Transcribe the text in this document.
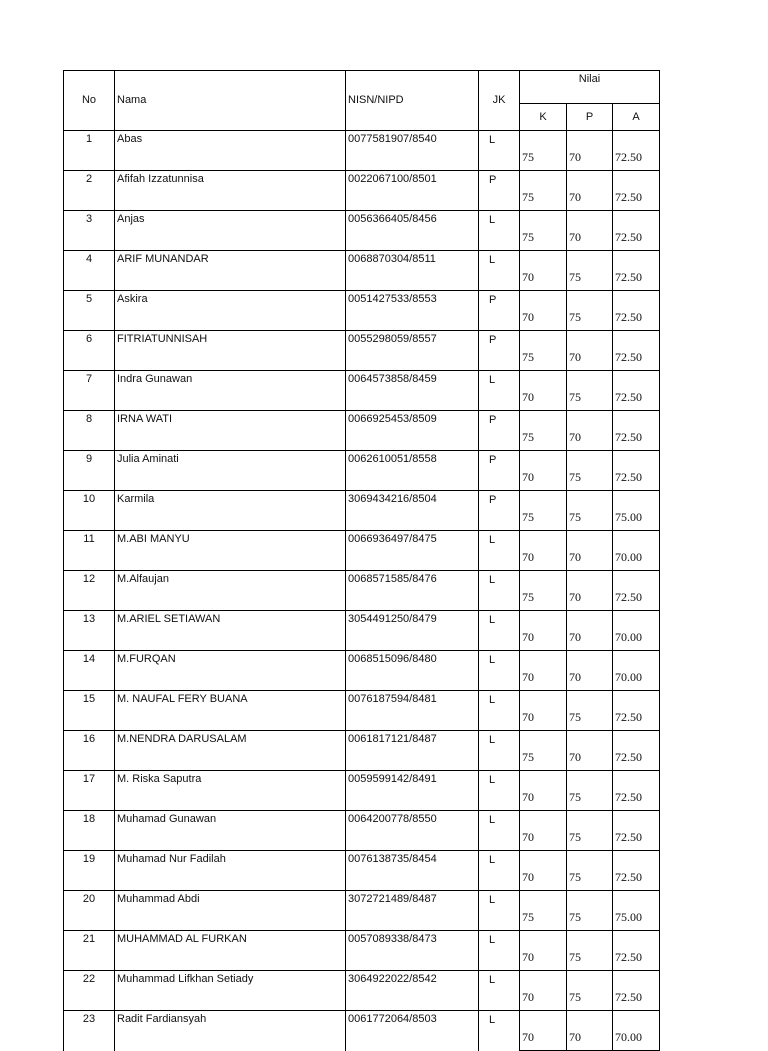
No	Nama	NISN/NIPD	JK	Nilai		
				K	P	A
1	Abas	0077581907/8540	L	75	70	72.50
2	Afifah Izzatunnisa	0022067100/8501	P	75	70	72.50
3	Anjas	0056366405/8456	L	75	70	72.50
4	ARIF MUNANDAR	0068870304/8511	L	70	75	72.50
5	Askira	0051427533/8553	P	70	75	72.50
6	FITRIATUNNISAH	0055298059/8557	P	75	70	72.50
7	Indra Gunawan	0064573858/8459	L	70	75	72.50
8	IRNA WATI	0066925453/8509	P	75	70	72.50
9	Julia Aminati	0062610051/8558	P	70	75	72.50
10	Karmila	3069434216/8504	P	75	75	75.00
11	M.ABI MANYU	0066936497/8475	L	70	70	70.00
12	M.Alfaujan	0068571585/8476	L	75	70	72.50
13	M.ARIEL SETIAWAN	3054491250/8479	L	70	70	70.00
14	M.FURQAN	0068515096/8480	L	70	70	70.00
15	M. NAUFAL FERY BUANA	0076187594/8481	L	70	75	72.50
16	M.NENDRA DARUSALAM	0061817121/8487	L	75	70	72.50
17	M. Riska Saputra	0059599142/8491	L	70	75	72.50
18	Muhamad Gunawan	0064200778/8550	L	70	75	72.50
19	Muhamad Nur Fadilah	0076138735/8454	L	70	75	72.50
20	Muhammad Abdi	3072721489/8487	L	75	75	75.00
21	MUHAMMAD AL FURKAN	0057089338/8473	L	70	75	72.50
22	Muhammad Lifkhan Setiady	3064922022/8542	L	70	75	72.50
23	Radit Fardiansyah	0061772064/8503	L	70	70	70.00
